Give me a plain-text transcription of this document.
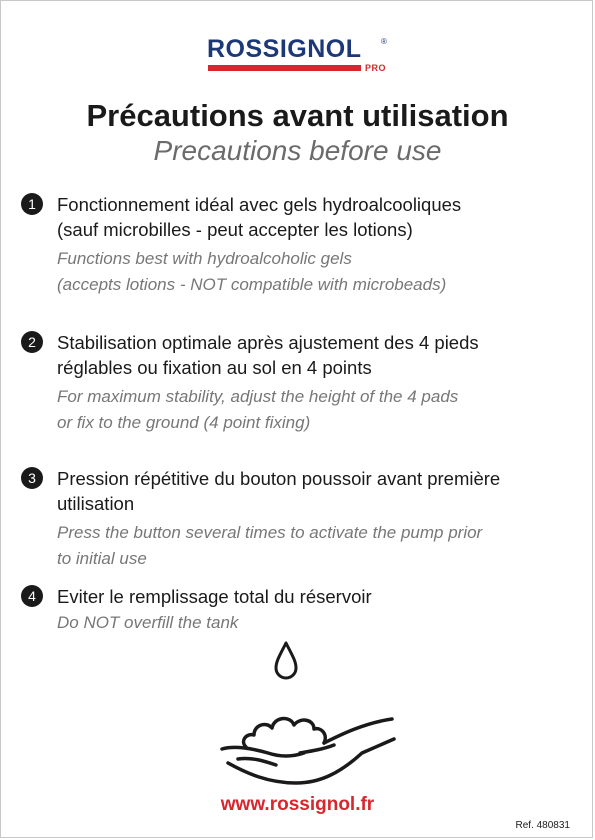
ROSSIGNOL ®
PRO
Précautions avant utilisation
Precautions before use
1	Fonctionnement idéal avec gels hydroalcooliques
(sauf microbilles - peut accepter les lotions)
Functions best with hydroalcoholic gels
(accepts lotions - NOT compatible with microbeads)
2	Stabilisation optimale après ajustement des 4 pieds
réglables ou fixation au sol en 4 points
For maximum stability, adjust the height of the 4 pads
or fix to the ground (4 point fixing)
3	Pression répétitive du bouton poussoir avant première
utilisation
Press the button several times to activate the pump prior
to initial use
4	Eviter le remplissage total du réservoir
Do NOT overfill the tank
www.rossignol.fr
Ref. 480831
